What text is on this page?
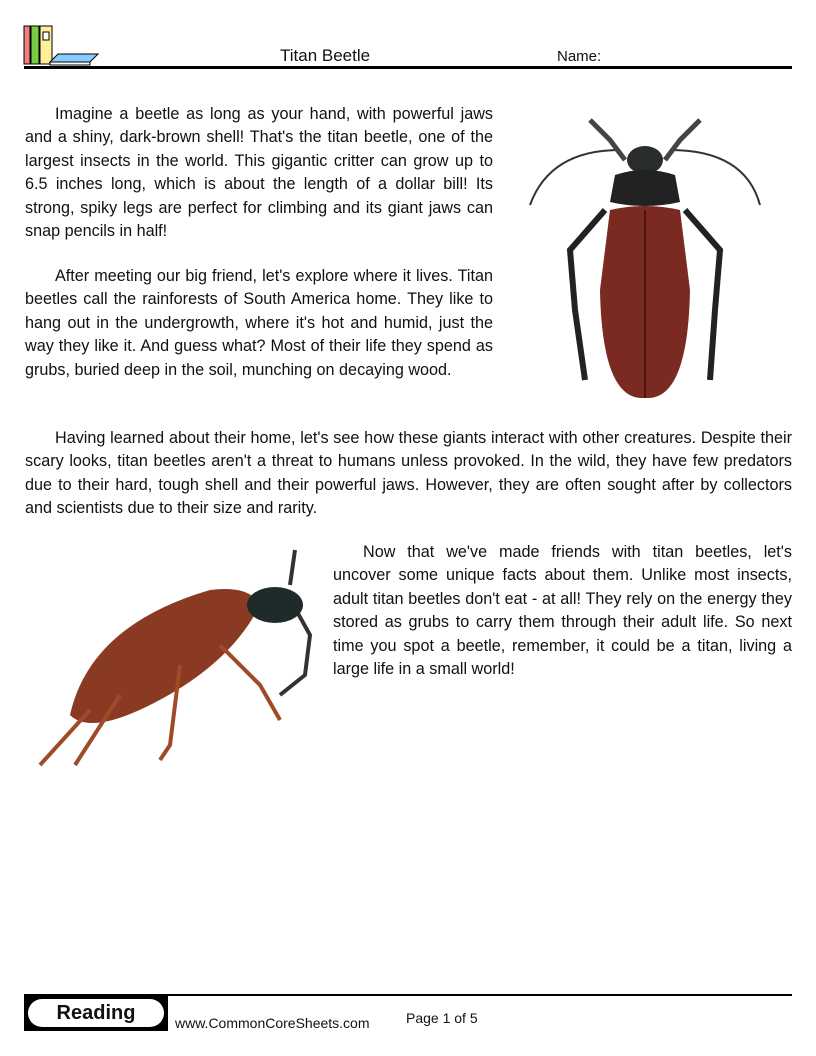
Titan Beetle	Name:

Imagine a beetle as long as your hand, with powerful jaws and a shiny, dark-brown shell! That's the titan beetle, one of the largest insects in the world. This gigantic critter can grow up to 6.5 inches long, which is about the length of a dollar bill! Its strong, spiky legs are perfect for climbing and its giant jaws can snap pencils in half!

After meeting our big friend, let's explore where it lives. Titan beetles call the rainforests of South America home. They like to hang out in the undergrowth, where it's hot and humid, just the way they like it. And guess what? Most of their life they spend as grubs, buried deep in the soil, munching on decaying wood.

Having learned about their home, let's see how these giants interact with other creatures. Despite their scary looks, titan beetles aren't a threat to humans unless provoked. In the wild, they have few predators due to their hard, tough shell and their powerful jaws. However, they are often sought after by collectors and scientists due to their size and rarity.

Now that we've made friends with titan beetles, let's uncover some unique facts about them. Unlike most insects, adult titan beetles don't eat - at all! They rely on the energy they stored as grubs to carry them through their adult life. So next time you spot a beetle, remember, it could be a titan, living a large life in a small world!

Reading	www.CommonCoreSheets.com	Page 1 of 5
